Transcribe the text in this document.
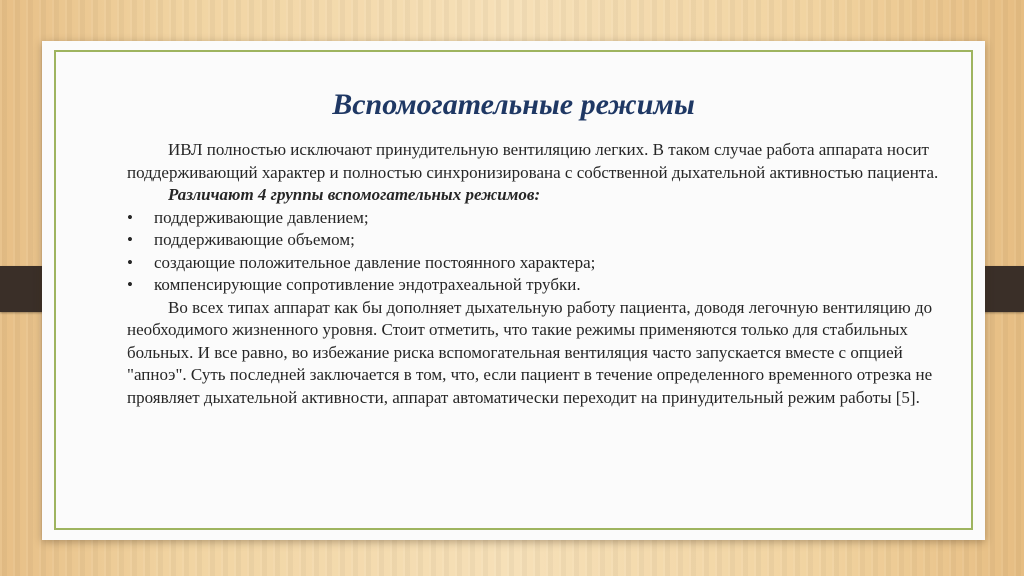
Вспомогательные режимы

ИВЛ полностью исключают принудительную вентиляцию легких. В таком случае работа аппарата носит поддерживающий характер и полностью синхронизирована с собственной дыхательной активностью пациента.

Различают 4 группы вспомогательных режимов:

•	поддерживающие давлением;
•	поддерживающие объемом;
•	создающие положительное давление постоянного характера;
•	компенсирующие сопротивление эндотрахеальной трубки.

Во всех типах аппарат как бы дополняет дыхательную работу пациента, доводя легочную вентиляцию до необходимого жизненного уровня. Стоит отметить, что такие режимы применяются только для стабильных больных. И все равно, во избежание риска вспомогательная вентиляция часто запускается вместе с опцией "апноэ". Суть последней заключается в том, что, если пациент в течение определенного временного отрезка не проявляет дыхательной активности, аппарат автоматически переходит на принудительный режим работы [5].
